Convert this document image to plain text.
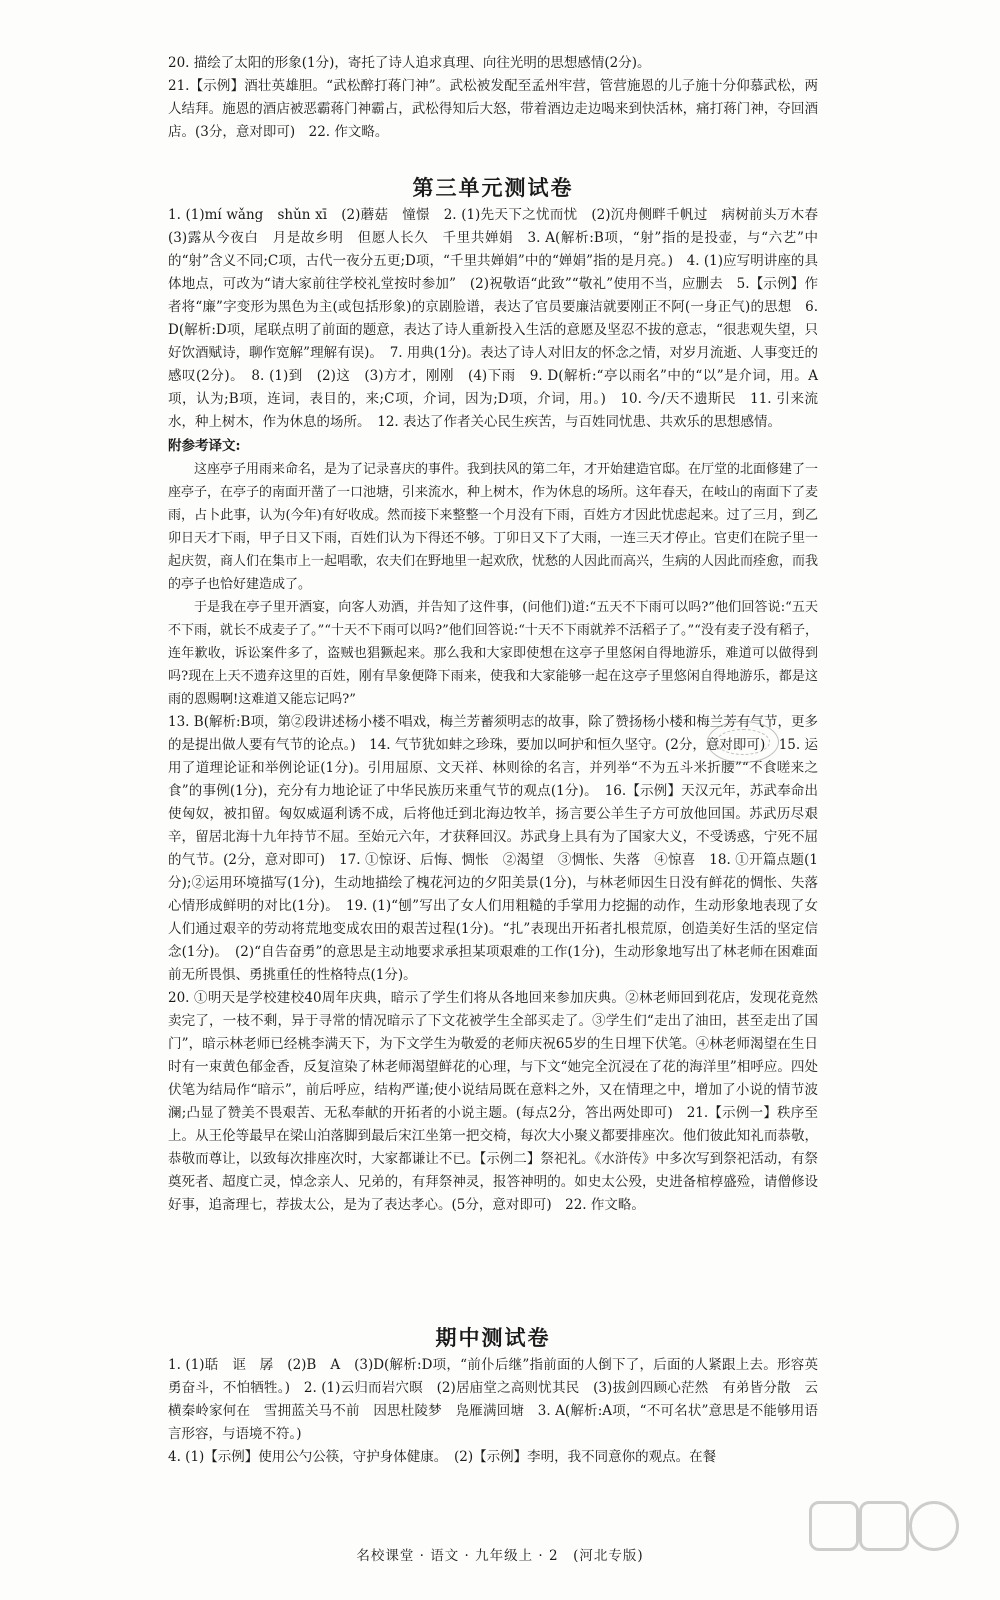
20. 描绘了太阳的形象(1分)，寄托了诗人追求真理、向往光明的思想感情(2分)。

21.【示例】酒壮英雄胆。“武松醉打蒋门神”。武松被发配至孟州牢营，管营施恩的儿子施十分仰慕武松，两人结拜。施恩的酒店被恶霸蒋门神霸占，武松得知后大怒，带着酒边走边喝来到快活林，痛打蒋门神，夺回酒店。(3分，意对即可)　22. 作文略。

第三单元测试卷

1. (1)mí wǎng　shǔn xī　(2)蘑菇　憧憬　2. (1)先天下之忧而忧　(2)沉舟侧畔千帆过　病树前头万木春　(3)露从今夜白　月是故乡明　但愿人长久　千里共婵娟　3. A(解析:B项，“射”指的是投壶，与“六艺”中的“射”含义不同;C项，古代一夜分五更;D项，“千里共婵娟”中的“婵娟”指的是月亮。)　4. (1)应写明讲座的具体地点，可改为“请大家前往学校礼堂按时参加”　(2)祝敬语“此致”“敬礼”使用不当，应删去　5.【示例】作者将“廉”字变形为黑色为主(或包括形象)的京剧脸谱，表达了官员要廉洁就要刚正不阿(一身正气)的思想　6. D(解析:D项，尾联点明了前面的题意，表达了诗人重新投入生活的意愿及坚忍不拔的意志，“很悲观失望，只好饮酒赋诗，聊作宽解”理解有误)。　7. 用典(1分)。表达了诗人对旧友的怀念之情，对岁月流逝、人事变迁的感叹(2分)。　8. (1)到　(2)这　(3)方才，刚刚　(4)下雨　9. D(解析:“亭以雨名”中的“以”是介词，用。A项，认为;B项，连词，表目的，来;C项，介词，因为;D项，介词，用。)　10. 今/天不遗斯民　11. 引来流水，种上树木，作为休息的场所。　12. 表达了作者关心民生疾苦，与百姓同忧患、共欢乐的思想感情。

附参考译文:

这座亭子用雨来命名，是为了记录喜庆的事件。我到扶风的第二年，才开始建造官邸。在厅堂的北面修建了一座亭子，在亭子的南面开凿了一口池塘，引来流水，种上树木，作为休息的场所。这年春天，在岐山的南面下了麦雨，占卜此事，认为(今年)有好收成。然而接下来整整一个月没有下雨，百姓方才因此忧虑起来。过了三月，到乙卯日天才下雨，甲子日又下雨，百姓们认为下得还不够。丁卯日又下了大雨，一连三天才停止。官吏们在院子里一起庆贺，商人们在集市上一起唱歌，农夫们在野地里一起欢欣，忧愁的人因此而高兴，生病的人因此而痊愈，而我的亭子也恰好建造成了。

于是我在亭子里开酒宴，向客人劝酒，并告知了这件事，(问他们)道:“五天不下雨可以吗?”他们回答说:“五天不下雨，就长不成麦子了。”“十天不下雨可以吗?”他们回答说:“十天不下雨就养不活稻子了。”“没有麦子没有稻子，连年歉收，诉讼案件多了，盗贼也猖獗起来。那么我和大家即使想在这亭子里悠闲自得地游乐，难道可以做得到吗?现在上天不遗弃这里的百姓，刚有旱象便降下雨来，使我和大家能够一起在这亭子里悠闲自得地游乐，都是这雨的恩赐啊!这难道又能忘记吗?”

13. B(解析:B项，第②段讲述杨小楼不唱戏，梅兰芳蓄须明志的故事，除了赞扬杨小楼和梅兰芳有气节，更多的是提出做人要有气节的论点。)　14. 气节犹如蚌之珍珠，要加以呵护和恒久坚守。(2分，意对即可)　15. 运用了道理论证和举例论证(1分)。引用屈原、文天祥、林则徐的名言，并列举“不为五斗米折腰”“不食嗟来之食”的事例(1分)，充分有力地论证了中华民族历来重气节的观点(1分)。　16.【示例】天汉元年，苏武奉命出使匈奴，被扣留。匈奴威逼利诱不成，后将他迁到北海边牧羊，扬言要公羊生子方可放他回国。苏武历尽艰辛，留居北海十九年持节不屈。至始元六年，才获释回汉。苏武身上具有为了国家大义，不受诱惑，宁死不屈的气节。(2分，意对即可)　17. ①惊讶、后悔、惆怅　②渴望　③惆怅、失落　④惊喜　18. ①开篇点题(1分);②运用环境描写(1分)，生动地描绘了槐花河边的夕阳美景(1分)，与林老师因生日没有鲜花的惆怅、失落心情形成鲜明的对比(1分)。　19. (1)“刨”写出了女人们用粗糙的手掌用力挖掘的动作，生动形象地表现了女人们通过艰辛的劳动将荒地变成农田的艰苦过程(1分)。“扎”表现出开拓者扎根荒原，创造美好生活的坚定信念(1分)。　(2)“自告奋勇”的意思是主动地要求承担某项艰难的工作(1分)，生动形象地写出了林老师在困难面前无所畏惧、勇挑重任的性格特点(1分)。

20. ①明天是学校建校40周年庆典，暗示了学生们将从各地回来参加庆典。②林老师回到花店，发现花竟然卖完了，一枝不剩，异于寻常的情况暗示了下文花被学生全部买走了。③学生们“走出了油田，甚至走出了国门”，暗示林老师已经桃李满天下，为下文学生为敬爱的老师庆祝65岁的生日埋下伏笔。④林老师渴望在生日时有一束黄色郁金香，反复渲染了林老师渴望鲜花的心理，与下文“她完全沉浸在了花的海洋里”相呼应。四处伏笔为结局作“暗示”，前后呼应，结构严谨;使小说结局既在意料之外，又在情理之中，增加了小说的情节波澜;凸显了赞美不畏艰苦、无私奉献的开拓者的小说主题。(每点2分，答出两处即可)　21.【示例一】秩序至上。从王伦等最早在梁山泊落脚到最后宋江坐第一把交椅，每次大小聚义都要排座次。他们彼此知礼而恭敬，恭敬而尊让，以致每次排座次时，大家都谦让不已。【示例二】祭祀礼。《水浒传》中多次写到祭祀活动，有祭奠死者、超度亡灵，悼念亲人、兄弟的，有拜祭神灵，报答神明的。如史太公殁，史进备棺椁盛殓，请僧修设好事，追斋理七，荐拔太公，是为了表达孝心。(5分，意对即可)　22. 作文略。

期中测试卷

1. (1)聒　诓　孱　(2)B　A　(3)D(解析:D项，“前仆后继”指前面的人倒下了，后面的人紧跟上去。形容英勇奋斗，不怕牺牲。)　2. (1)云归而岩穴暝　(2)居庙堂之高则忧其民　(3)拔剑四顾心茫然　有弟皆分散　云横秦岭家何在　雪拥蓝关马不前　因思杜陵梦　凫雁满回塘　3. A(解析:A项，“不可名状”意思是不能够用语言形容，与语境不符。)

4. (1)【示例】使用公勺公筷，守护身体健康。　(2)【示例】李明，我不同意你的观点。在餐

名校课堂 · 语文 · 九年级上 · 2　(河北专版)
